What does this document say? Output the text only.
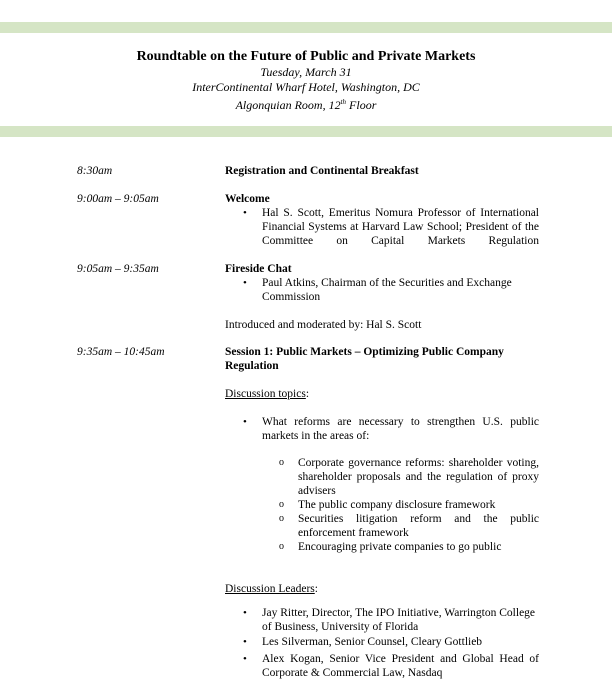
Roundtable on the Future of Public and Private Markets
Tuesday, March 31
InterContinental Wharf Hotel, Washington, DC
Algonquian Room, 12th Floor
8:30am	Registration and Continental Breakfast
9:00am – 9:05am	Welcome
• Hal S. Scott, Emeritus Nomura Professor of International Financial Systems at Harvard Law School; President of the Committee on Capital Markets Regulation
9:05am – 9:35am	Fireside Chat
• Paul Atkins, Chairman of the Securities and Exchange Commission
Introduced and moderated by: Hal S. Scott
9:35am – 10:45am	Session 1: Public Markets – Optimizing Public Company Regulation
Discussion topics:
• What reforms are necessary to strengthen U.S. public markets in the areas of:
o Corporate governance reforms: shareholder voting, shareholder proposals and the regulation of proxy advisers
o The public company disclosure framework
o Securities litigation reform and the public enforcement framework
o Encouraging private companies to go public
Discussion Leaders:
• Jay Ritter, Director, The IPO Initiative, Warrington College of Business, University of Florida
• Les Silverman, Senior Counsel, Cleary Gottlieb
• Alex Kogan, Senior Vice President and Global Head of Corporate & Commercial Law, Nasdaq
